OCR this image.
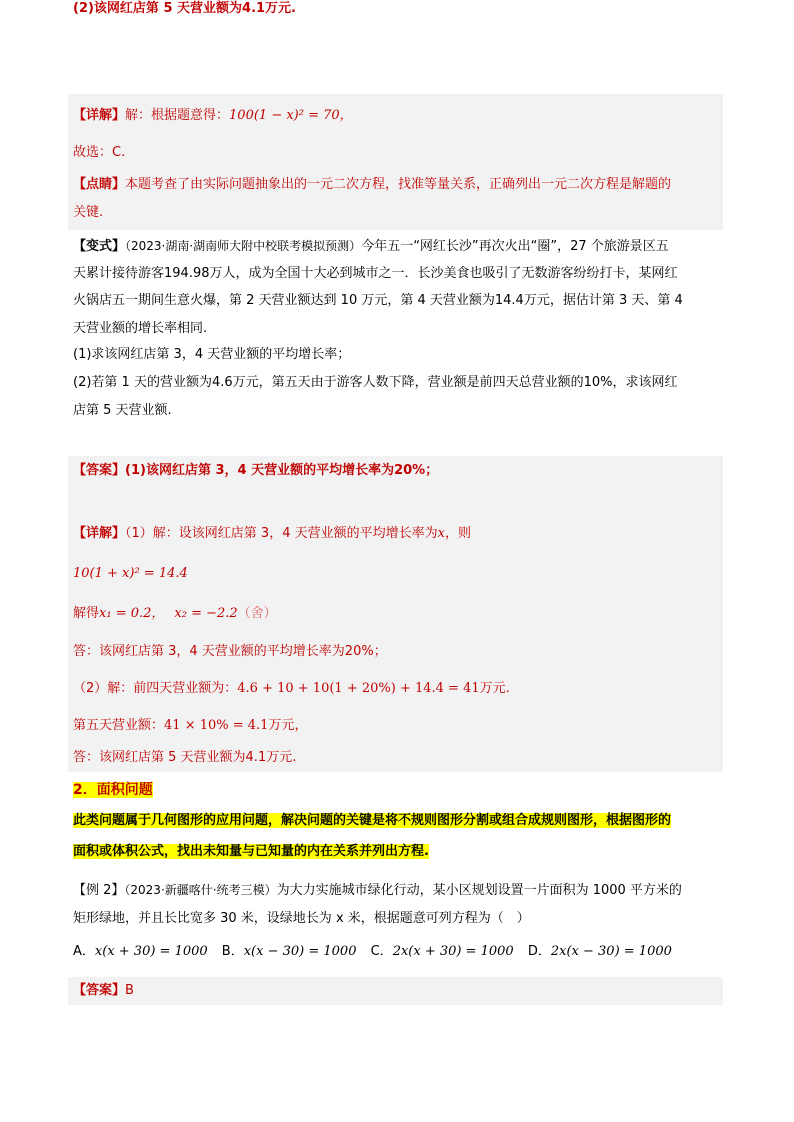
【详解】解：根据题意得：100(1 − x)² = 70，
故选：C.
【点睛】本题考查了由实际问题抽象出的一元二次方程，找准等量关系，正确列出一元二次方程是解题的
关键.
【变式】（2023·湖南·湖南师大附中校联考模拟预测）今年五一“网红长沙”再次火出“圈”，27 个旅游景区五
天累计接待游客194.98万人，成为全国十大必到城市之一．长沙美食也吸引了无数游客纷纷打卡，某网红
火锅店五一期间生意火爆，第 2 天营业额达到 10 万元，第 4 天营业额为14.4万元，据估计第 3 天、第 4
天营业额的增长率相同.
(1)求该网红店第 3，4 天营业额的平均增长率；
(2)若第 1 天的营业额为4.6万元，第五天由于游客人数下降，营业额是前四天总营业额的10%，求该网红
店第 5 天营业额.
【答案】(1)该网红店第 3，4 天营业额的平均增长率为20%；
(2)该网红店第 5 天营业额为4.1万元.
【详解】（1）解：设该网红店第 3，4 天营业额的平均增长率为x，则
10(1 + x)² = 14.4
解得x₁ = 0.2， x₂ = −2.2（舍）
答：该网红店第 3，4 天营业额的平均增长率为20%；
（2）解：前四天营业额为：4.6 + 10 + 10(1 + 20%) + 14.4 = 41万元.
第五天营业额：41 × 10% = 4.1万元，
答：该网红店第 5 天营业额为4.1万元.
2．面积问题
此类问题属于几何图形的应用问题，解决问题的关键是将不规则图形分割或组合成规则图形，根据图形的
面积或体积公式，找出未知量与已知量的内在关系并列出方程.
【例 2】（2023·新疆喀什·统考三模）为大力实施城市绿化行动，某小区规划设置一片面积为 1000 平方米的
矩形绿地，并且长比宽多 30 米，设绿地长为 x 米，根据题意可列方程为（　）
A．x(x + 30) = 1000 B．x(x − 30) = 1000 C．2x(x + 30) = 1000 D．2x(x − 30) = 1000
【答案】B
